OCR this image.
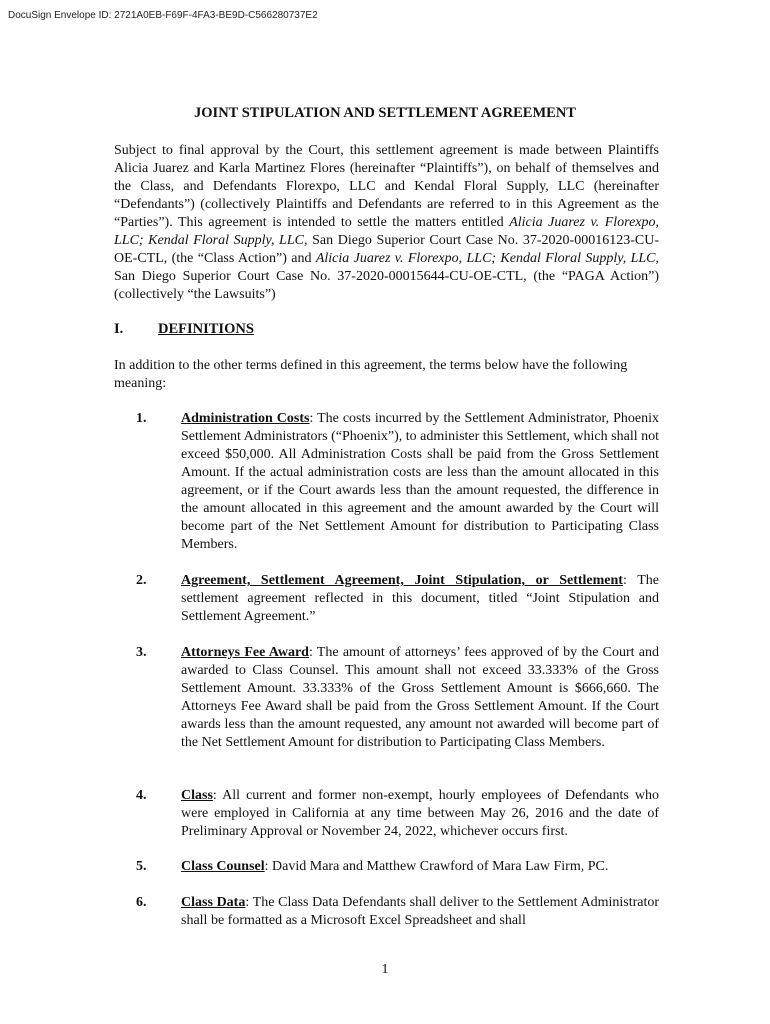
DocuSign Envelope ID: 2721A0EB-F69F-4FA3-BE9D-C566280737E2
JOINT STIPULATION AND SETTLEMENT AGREEMENT

Subject to final approval by the Court, this settlement agreement is made between Plaintiffs Alicia Juarez and Karla Martinez Flores (hereinafter “Plaintiffs”), on behalf of themselves and the Class, and Defendants Florexpo, LLC and Kendal Floral Supply, LLC (hereinafter “Defendants”) (collectively Plaintiffs and Defendants are referred to in this Agreement as the “Parties”). This agreement is intended to settle the matters entitled Alicia Juarez v. Florexpo, LLC; Kendal Floral Supply, LLC, San Diego Superior Court Case No. 37-2020-00016123-CU-OE-CTL, (the “Class Action”) and Alicia Juarez v. Florexpo, LLC; Kendal Floral Supply, LLC, San Diego Superior Court Case No. 37-2020-00015644-CU-OE-CTL, (the “PAGA Action”) (collectively “the Lawsuits”)

I. DEFINITIONS

In addition to the other terms defined in this agreement, the terms below have the following meaning:

1. Administration Costs: The costs incurred by the Settlement Administrator, Phoenix Settlement Administrators (“Phoenix”), to administer this Settlement, which shall not exceed $50,000. All Administration Costs shall be paid from the Gross Settlement Amount. If the actual administration costs are less than the amount allocated in this agreement, or if the Court awards less than the amount requested, the difference in the amount allocated in this agreement and the amount awarded by the Court will become part of the Net Settlement Amount for distribution to Participating Class Members.
2. Agreement, Settlement Agreement, Joint Stipulation, or Settlement: The settlement agreement reflected in this document, titled “Joint Stipulation and Settlement Agreement.”
3. Attorneys Fee Award: The amount of attorneys’ fees approved of by the Court and awarded to Class Counsel. This amount shall not exceed 33.333% of the Gross Settlement Amount. 33.333% of the Gross Settlement Amount is $666,660. The Attorneys Fee Award shall be paid from the Gross Settlement Amount. If the Court awards less than the amount requested, any amount not awarded will become part of the Net Settlement Amount for distribution to Participating Class Members.
4. Class: All current and former non-exempt, hourly employees of Defendants who were employed in California at any time between May 26, 2016 and the date of Preliminary Approval or November 24, 2022, whichever occurs first.
5. Class Counsel: David Mara and Matthew Crawford of Mara Law Firm, PC.
6. Class Data: The Class Data Defendants shall deliver to the Settlement Administrator shall be formatted as a Microsoft Excel Spreadsheet and shall
1
